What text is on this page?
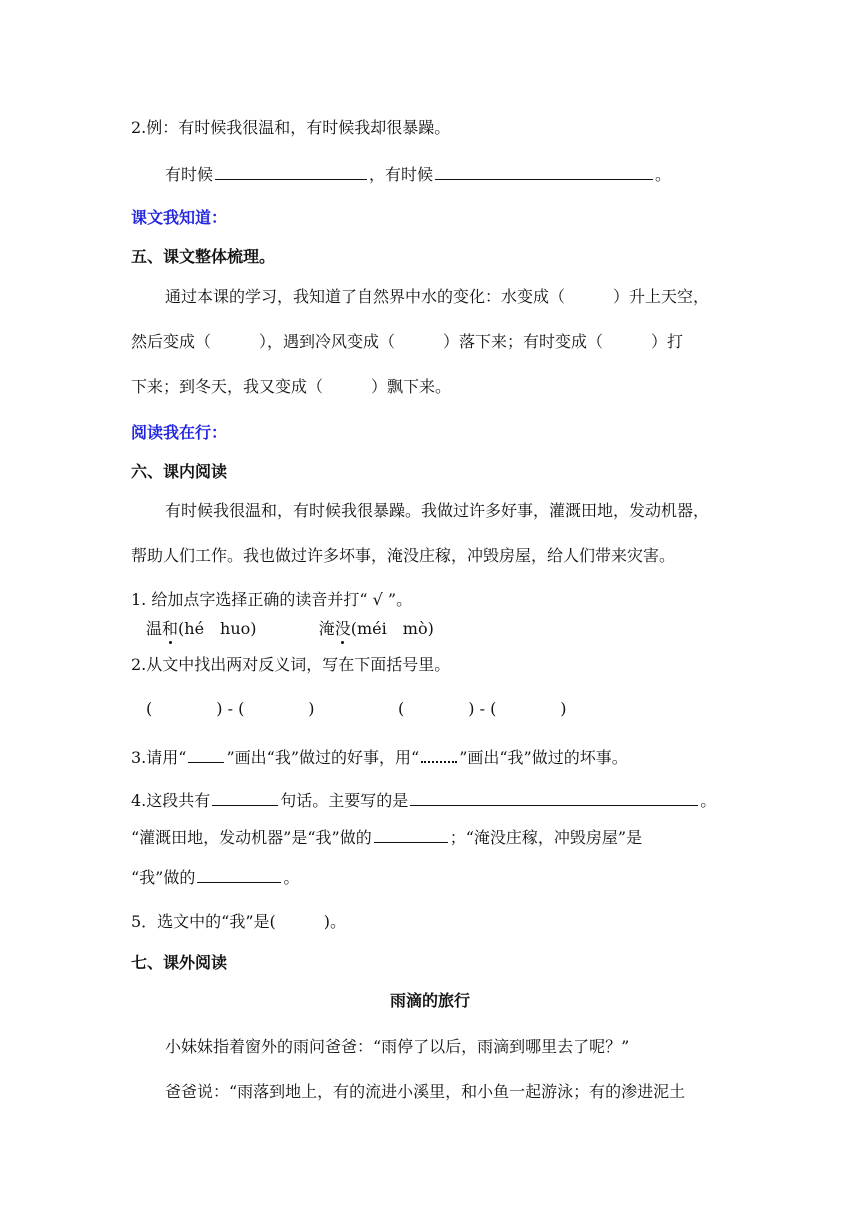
2.例：有时候我很温和，有时候我却很暴躁。
有时候	，有时候	。
课文我知道：
五、课文整体梳理。
通过本课的学习，我知道了自然界中水的变化：水变成（　　　）升上天空，
然后变成（　　　），遇到冷风变成（　　　）落下来；有时变成（　　　）打
下来；到冬天，我又变成（　　　）飘下来。
阅读我在行：
六、课内阅读
有时候我很温和，有时候我很暴躁。我做过许多好事，灌溉田地，发动机器，
帮助人们工作。我也做过许多坏事，淹没庄稼，冲毁房屋，给人们带来灾害。
1. 给加点字选择正确的读音并打“ √ ”。
温和(hé　huo)	淹没(méi　mò)
2.从文中找出两对反义词，写在下面括号里。
(　　　　) - (　　　　)	(　　　　) - (　　　　)
3.请用“	”画出“我”做过的好事，用“	”画出“我”做过的坏事。
4.这段共有	句话。主要写的是	。
“灌溉田地，发动机器”是“我”做的	；“淹没庄稼，冲毁房屋”是
“我”做的	。
5．选文中的“我”是(　　　)。
七、课外阅读
雨滴的旅行
小妹妹指着窗外的雨问爸爸：“雨停了以后，雨滴到哪里去了呢？”
爸爸说：“雨落到地上，有的流进小溪里，和小鱼一起游泳；有的渗进泥土
